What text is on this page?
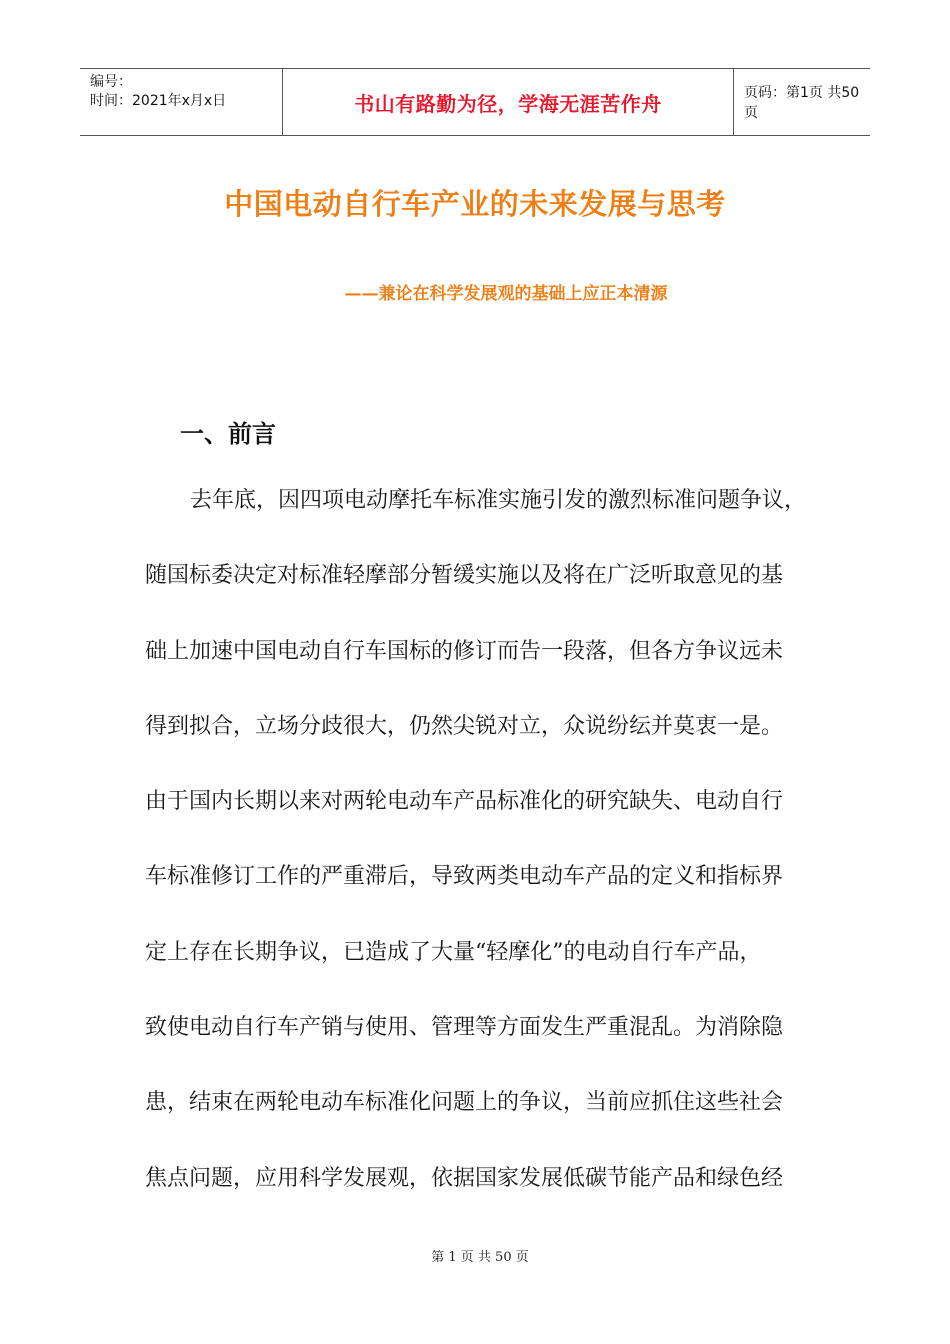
编号：
时间：2021年x月x日	书山有路勤为径，学海无涯苦作舟	页码：第1页 共50页
中国电动自行车产业的未来发展与思考
——兼论在科学发展观的基础上应正本清源
一、前言
去年底，因四项电动摩托车标准实施引发的激烈标准问题争议，
随国标委决定对标准轻摩部分暂缓实施以及将在广泛听取意见的基
础上加速中国电动自行车国标的修订而告一段落，但各方争议远未
得到拟合，立场分歧很大，仍然尖锐对立，众说纷纭并莫衷一是。
由于国内长期以来对两轮电动车产品标准化的研究缺失、电动自行
车标准修订工作的严重滞后，导致两类电动车产品的定义和指标界
定上存在长期争议，已造成了大量“轻摩化”的电动自行车产品，
致使电动自行车产销与使用、管理等方面发生严重混乱。为消除隐
患，结束在两轮电动车标准化问题上的争议，当前应抓住这些社会
焦点问题，应用科学发展观，依据国家发展低碳节能产品和绿色经
第 1 页 共 50 页
